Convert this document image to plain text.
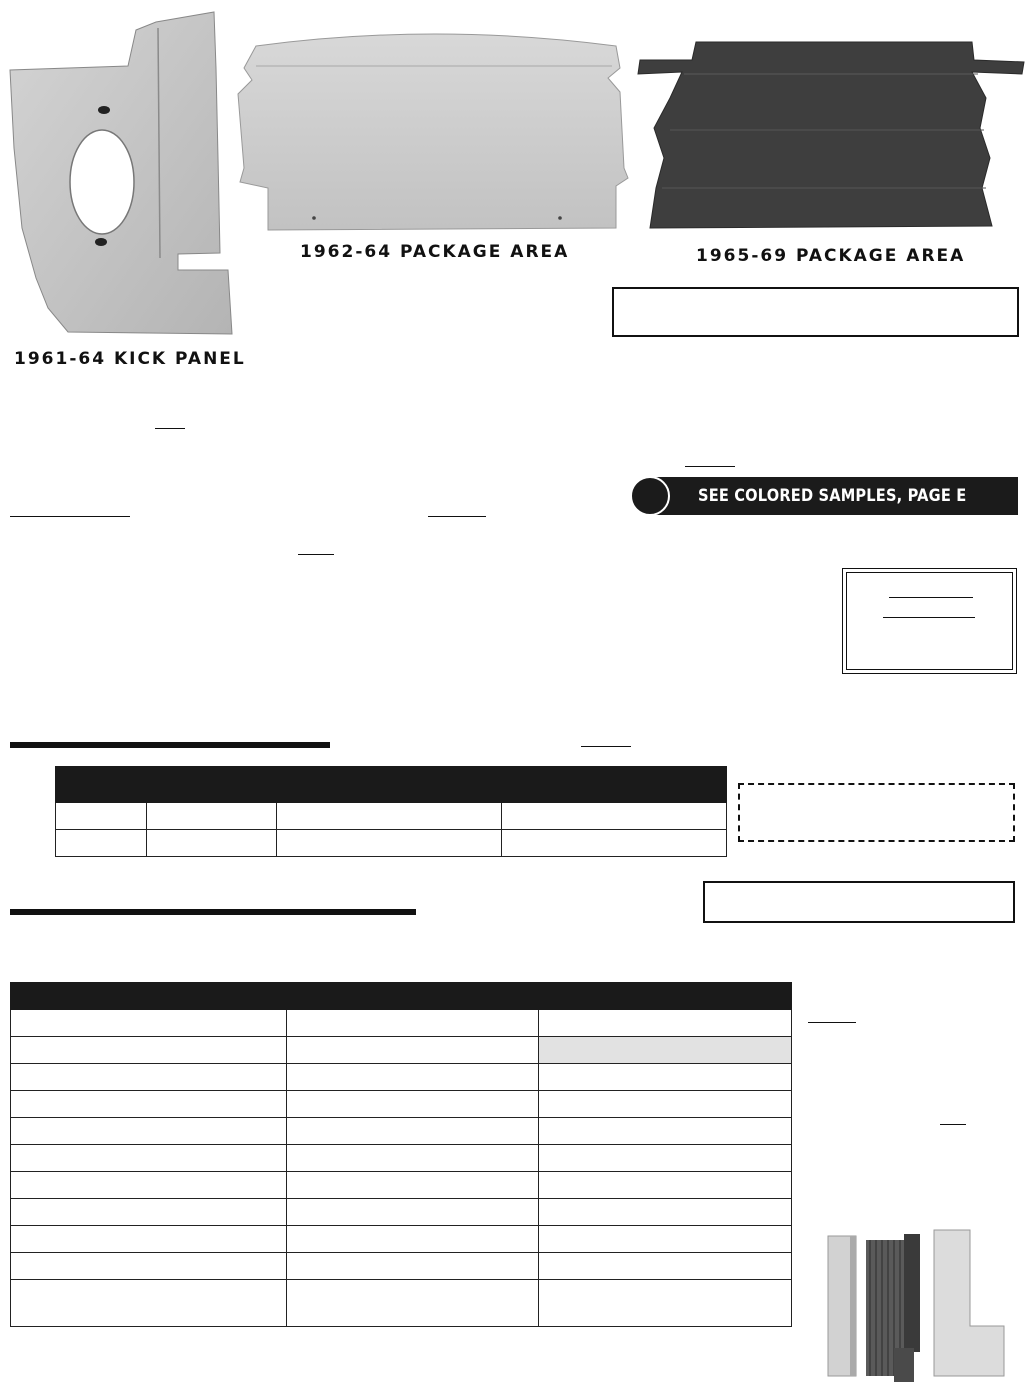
1961-64 KICK PANEL
1962-64 PACKAGE AREA	1965-69 PACKAGE AREA
SEE COLORED SAMPLES, PAGE E
